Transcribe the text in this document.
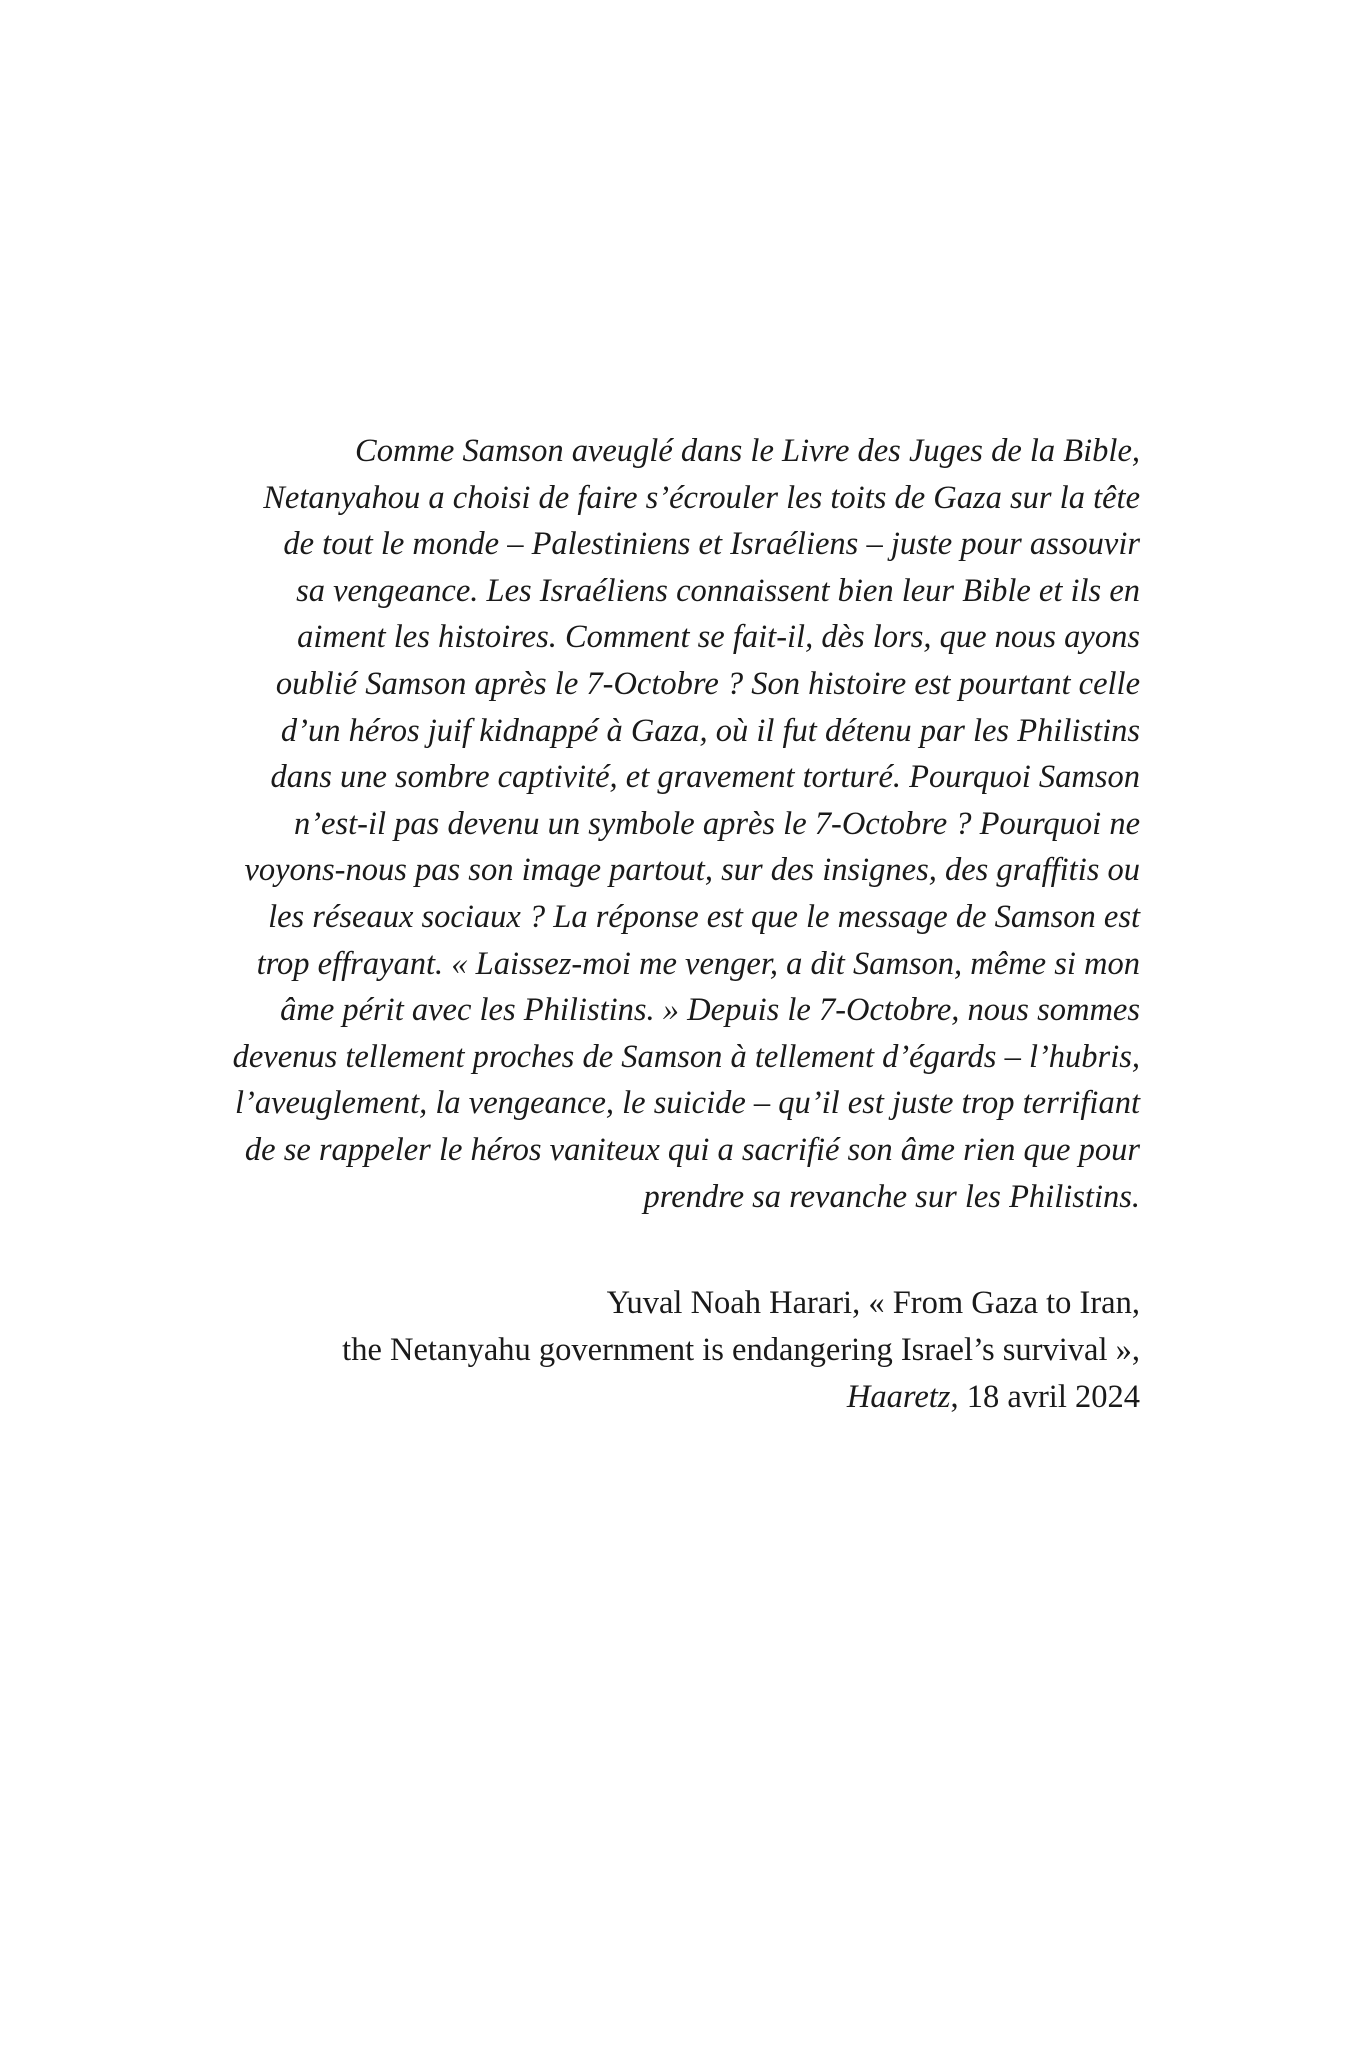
Comme Samson aveuglé dans le Livre des Juges de la Bible,
Netanyahou a choisi de faire s’écrouler les toits de Gaza sur la tête
de tout le monde – Palestiniens et Israéliens – juste pour assouvir
sa vengeance. Les Israéliens connaissent bien leur Bible et ils en
aiment les histoires. Comment se fait-il, dès lors, que nous ayons
oublié Samson après le 7-Octobre ? Son histoire est pourtant celle
d’un héros juif kidnappé à Gaza, où il fut détenu par les Philistins
dans une sombre captivité, et gravement torturé. Pourquoi Samson
n’est-il pas devenu un symbole après le 7-Octobre ? Pourquoi ne
voyons-nous pas son image partout, sur des insignes, des graffitis ou
les réseaux sociaux ? La réponse est que le message de Samson est
trop effrayant. « Laissez-moi me venger, a dit Samson, même si mon
âme périt avec les Philistins. » Depuis le 7-Octobre, nous sommes
devenus tellement proches de Samson à tellement d’égards – l’hubris,
l’aveuglement, la vengeance, le suicide – qu’il est juste trop terrifiant
de se rappeler le héros vaniteux qui a sacrifié son âme rien que pour
prendre sa revanche sur les Philistins.

Yuval Noah Harari, « From Gaza to Iran,
the Netanyahu government is endangering Israel’s survival »,
Haaretz, 18 avril 2024
